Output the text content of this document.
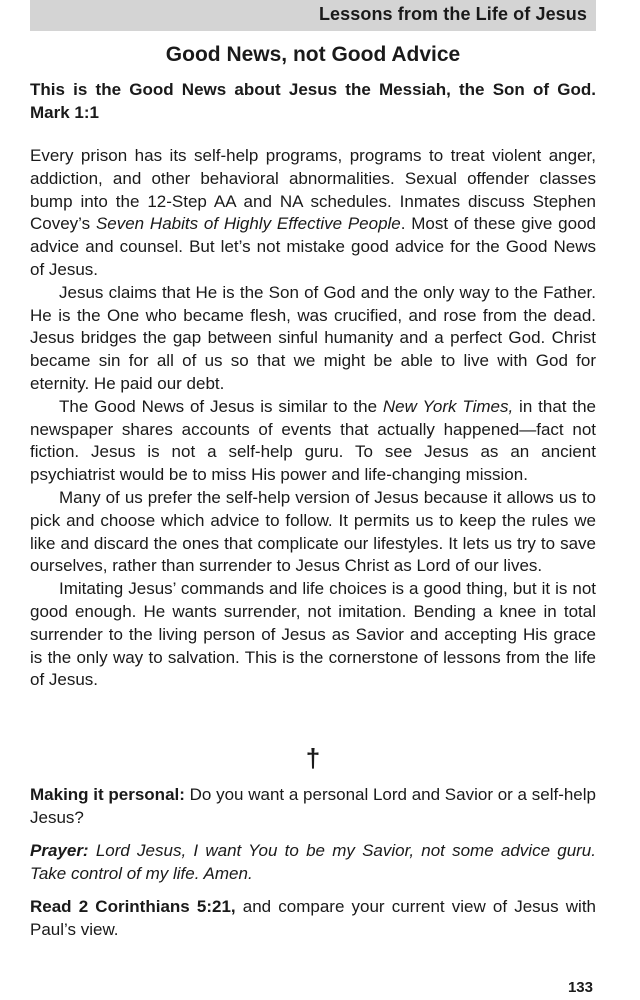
Lessons from the Life of Jesus
Good News, not Good Advice
This is the Good News about Jesus the Messiah, the Son of God. Mark 1:1

Every prison has its self-help programs, programs to treat violent anger, addiction, and other behavioral abnormalities. Sexual offender classes bump into the 12-Step AA and NA schedules. Inmates discuss Stephen Covey’s Seven Habits of Highly Effective People. Most of these give good advice and counsel. But let’s not mistake good advice for the Good News of Jesus.

Jesus claims that He is the Son of God and the only way to the Father. He is the One who became flesh, was crucified, and rose from the dead. Jesus bridges the gap between sinful humanity and a perfect God. Christ became sin for all of us so that we might be able to live with God for eternity. He paid our debt.

The Good News of Jesus is similar to the New York Times, in that the newspaper shares accounts of events that actually happened—fact not fiction. Jesus is not a self-help guru. To see Jesus as an ancient psychiatrist would be to miss His power and life-changing mission.

Many of us prefer the self-help version of Jesus because it allows us to pick and choose which advice to follow. It permits us to keep the rules we like and discard the ones that complicate our lifestyles. It lets us try to save ourselves, rather than surrender to Jesus Christ as Lord of our lives.

Imitating Jesus’ commands and life choices is a good thing, but it is not good enough. He wants surrender, not imitation. Bending a knee in total surrender to the living person of Jesus as Savior and accepting His grace is the only way to salvation. This is the cornerstone of lessons from the life of Jesus.

†
Making it personal: Do you want a personal Lord and Savior or a self-help Jesus?
Prayer: Lord Jesus, I want You to be my Savior, not some advice guru. Take control of my life. Amen.
Read 2 Corinthians 5:21, and compare your current view of Jesus with Paul’s view.
133
